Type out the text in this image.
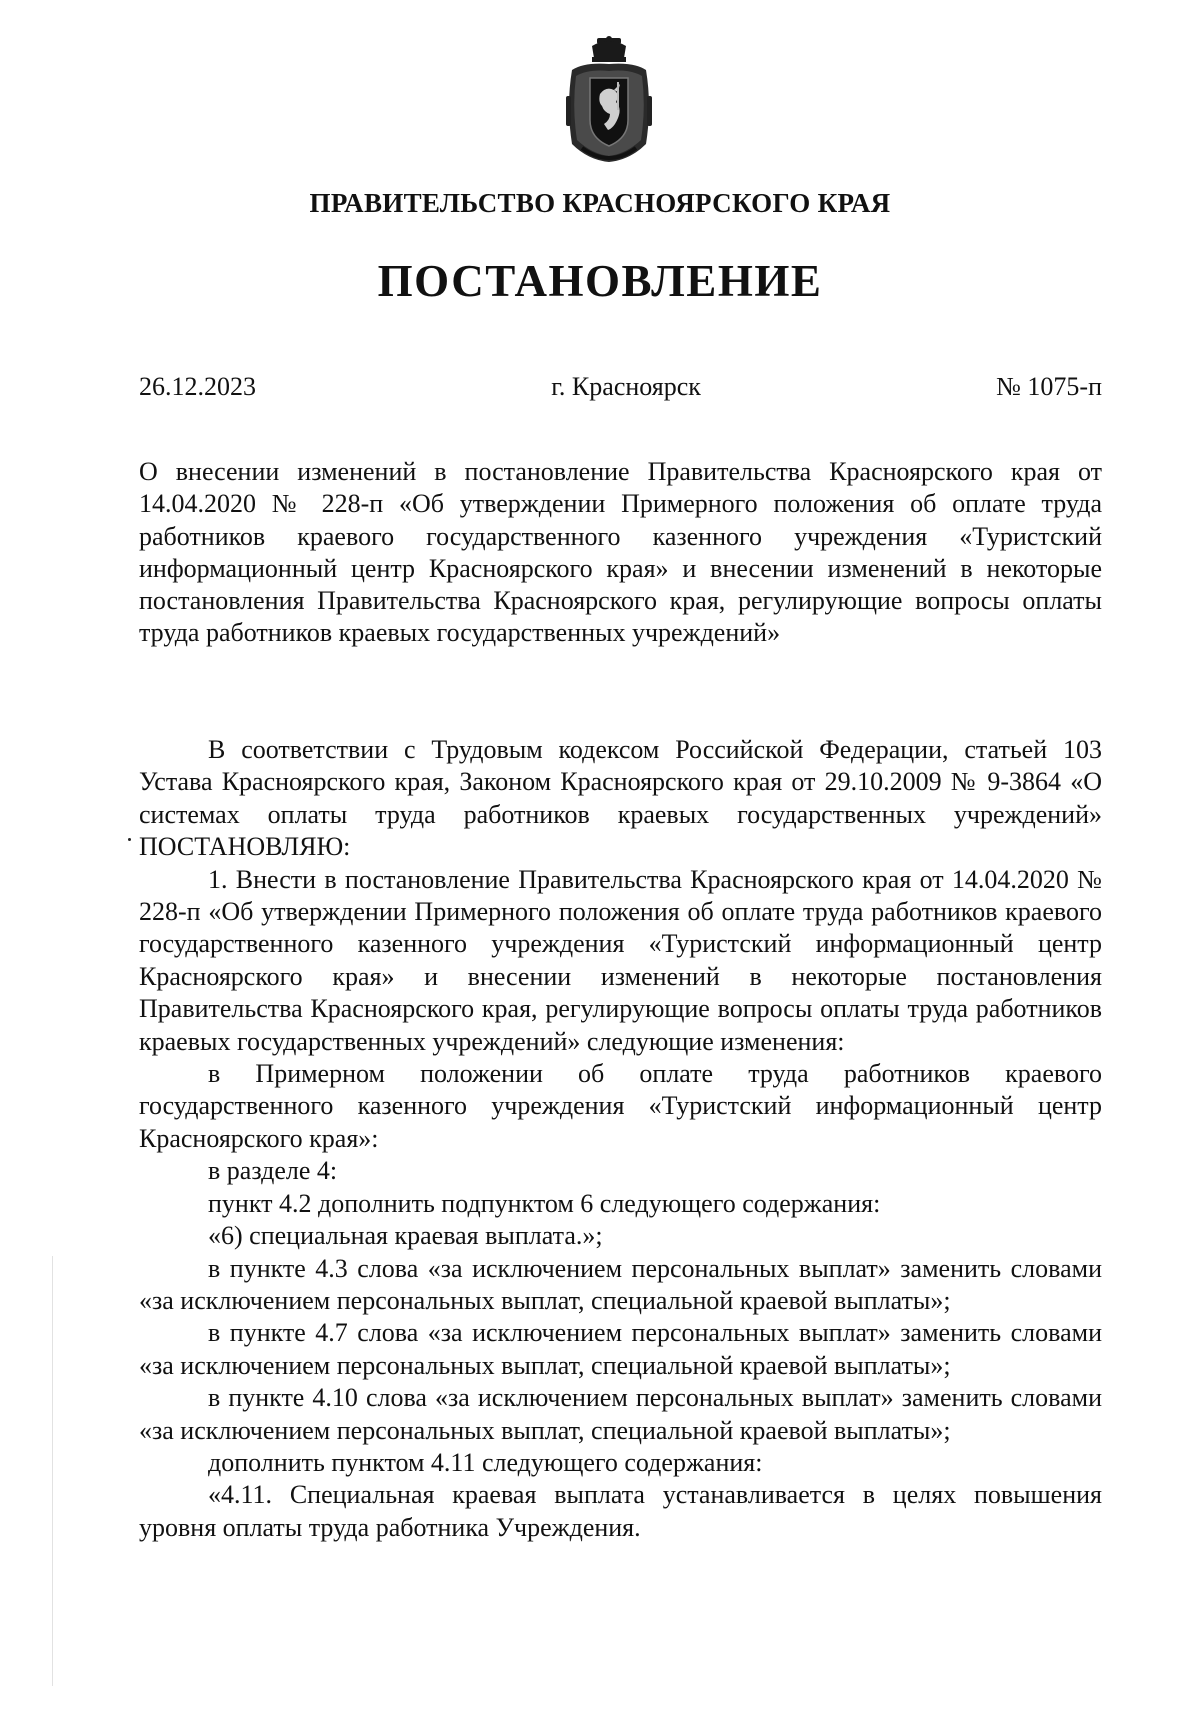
ПРАВИТЕЛЬСТВО КРАСНОЯРСКОГО КРАЯ
ПОСТАНОВЛЕНИЕ
26.12.2023	г. Красноярск	№ 1075-п
О внесении изменений в постановление Правительства Красноярского края от 14.04.2020 № 228-п «Об утверждении Примерного положения об оплате труда работников краевого государственного казенного учреждения «Туристский информационный центр Красноярского края» и внесении изменений в некоторые постановления Правительства Красноярского края, регулирующие вопросы оплаты труда работников краевых государственных учреждений»

В соответствии с Трудовым кодексом Российской Федерации, статьей 103 Устава Красноярского края, Законом Красноярского края от 29.10.2009 № 9-3864 «О системах оплаты труда работников краевых государственных учреждений» ПОСТАНОВЛЯЮ:

1. Внести в постановление Правительства Красноярского края от 14.04.2020 № 228-п «Об утверждении Примерного положения об оплате труда работников краевого государственного казенного учреждения «Туристский информационный центр Красноярского края» и внесении изменений в некоторые постановления Правительства Красноярского края, регулирующие вопросы оплаты труда работников краевых государственных учреждений» следующие изменения:

в Примерном положении об оплате труда работников краевого государственного казенного учреждения «Туристский информационный центр Красноярского края»:

в разделе 4:

пункт 4.2 дополнить подпунктом 6 следующего содержания:

«6) специальная краевая выплата.»;

в пункте 4.3 слова «за исключением персональных выплат» заменить словами «за исключением персональных выплат, специальной краевой выплаты»;

в пункте 4.7 слова «за исключением персональных выплат» заменить словами «за исключением персональных выплат, специальной краевой выплаты»;

в пункте 4.10 слова «за исключением персональных выплат» заменить словами «за исключением персональных выплат, специальной краевой выплаты»;

дополнить пунктом 4.11 следующего содержания:

«4.11. Специальная краевая выплата устанавливается в целях повышения уровня оплаты труда работника Учреждения.
